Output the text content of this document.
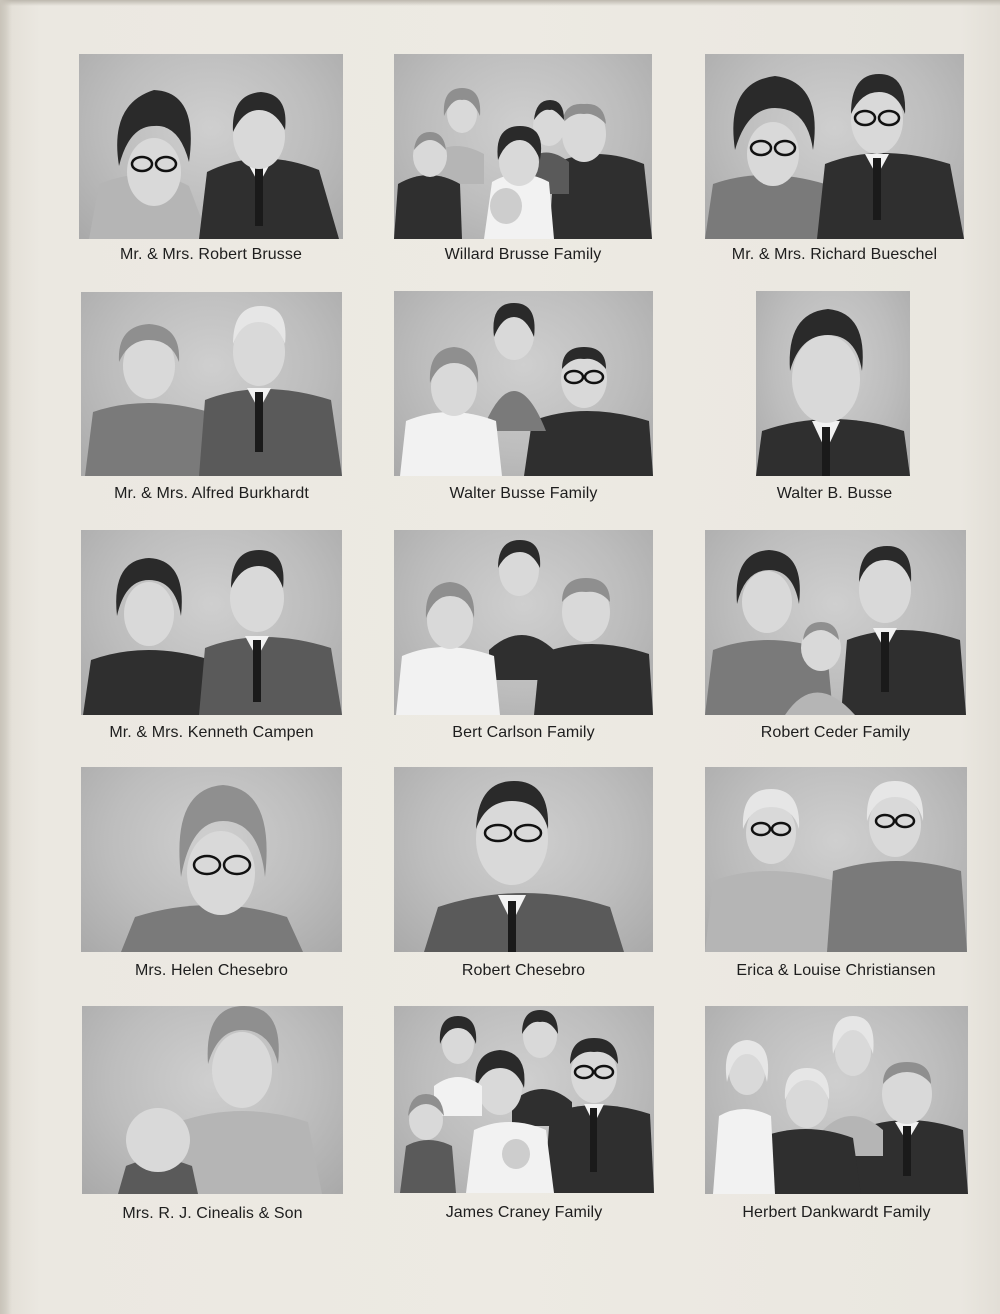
Mr. & Mrs. Robert Brusse	Willard Brusse Family	Mr. & Mrs. Richard Bueschel
Mr. & Mrs. Alfred Burkhardt	Walter Busse Family	Walter B. Busse
Mr. & Mrs. Kenneth Campen	Bert Carlson Family	Robert Ceder Family
Mrs. Helen Chesebro	Robert Chesebro	Erica & Louise Christiansen
Mrs. R. J. Cinealis & Son	James Craney Family	Herbert Dankwardt Family
